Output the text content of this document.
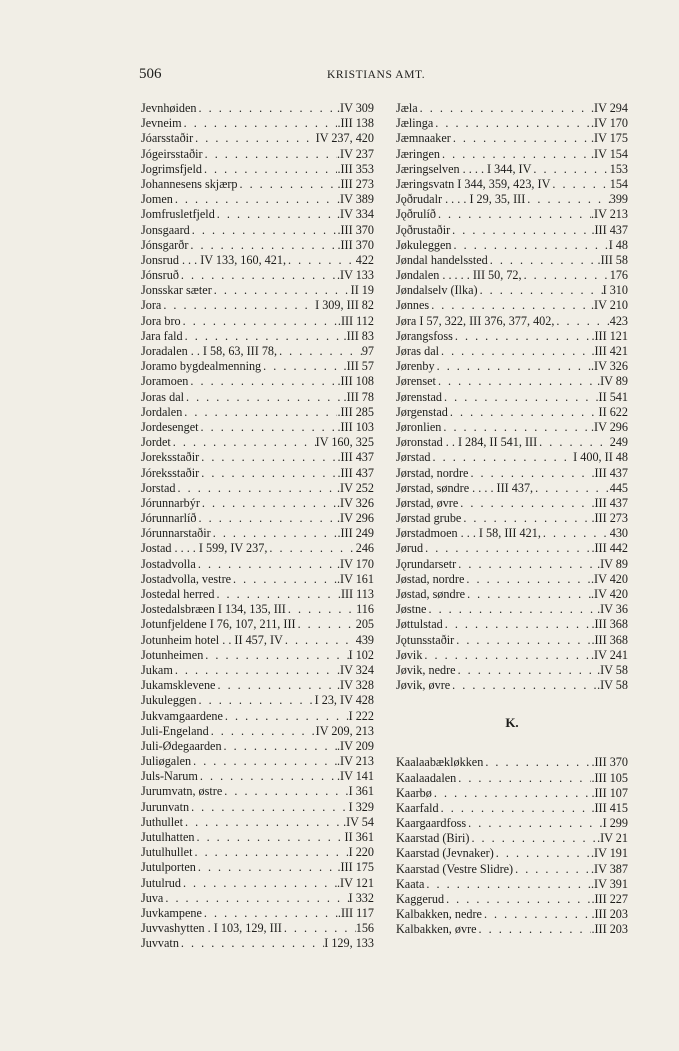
506	KRISTIANS AMT.
Jevnhøiden . . .	.IV 309
Jevneim . . .	.III 138
Jóarsstaðir . . .	IV 237, 420
Jógeirsstaðir . . .	.IV 237
Jogrimsfjeld . . .	.III 353
Johannesens skjærp . . .	.III 273
Jomen . . .	.IV 389
Jomfrusletfjeld . . .	.IV 334
Jonsgaard . . .	.III 370
Jónsgarðr . . .	.III 370
Jonsrud . . . IV 133, 160, 421, . . .	422
Jónsruð . . .	.IV 133
Jonsskar sæter . . .	II 19
Jora . . .	I 309, III 82
Jora bro . . .	.III 112
Jara fald . . .	.III 83
Joradalen . . I 58, 63, III 78, . . .	97
Joramo bygdealmenning . . .	.III 57
Joramoen . . .	.III 108
Joras dal . . .	.III 78
Jordalen . . .	.III 285
Jordesenget . . .	.III 103
Jordet . . .	IV 160, 325
Joreksstaðir . . .	.III 437
Jóreksstaðir . . .	.III 437
Jorstad . . .	.IV 252
Jórunnarbýr . . .	.IV 326
Jórunnarlíð . . .	.IV 296
Jórunnarstaðir . . .	.III 249
Jostad . . . . I 599, IV 237, . . .	246
Jostadvolla . . .	.IV 170
Jostadvolla, vestre . . .	.IV 161
Jostedal herred . . .	.III 113
Jostedalsbræen I 134, 135, III . . .	116
Jotunfjeldene I 76, 107, 211, III . . .	205
Jotunheim hotel . . II 457, IV . . .	439
Jotunheimen . . .	I 102
Jukam . . .	.IV 324
Jukamsklevene . . .	.IV 328
Jukuleggen . . .	I 23, IV 428
Jukvamgaardene . . .	I 222
Juli-Engeland . . .	IV 209, 213
Juli-Ødegaarden . . .	.IV 209
Juliøgalen . . .	.IV 213
Juls-Narum . . .	.IV 141
Jurumvatn, østre . . .	I 361
Jurunvatn . . .	I 329
Juthullet . . .	.IV 54
Jutulhatten . . .	II 361
Jutulhullet . . .	I 220
Jutulporten . . .	.III 175
Jutulrud . . .	.IV 121
Juva . . .	I 332
Juvkampene . . .	.III 117
Juvvashytten . I 103, 129, III . . .	156
Juvvatn . . .	I 129, 133
Jæla . . .	.IV 294
Jælinga . . .	.IV 170
Jæmnaaker . . .	.IV 175
Jæringen . . .	.IV 154
Jæringselven . . . . I 344, IV . . .	153
Jæringsvatn I 344, 359, 423, IV . . .	154
Jǫðrudalr . . . . I 29, 35, III . . .	399
Jǫðrulíð . . .	.IV 213
Jǫðrustaðir . . .	.III 437
Jøkuleggen . . .	I 48
Jøndal handelssted . . .	.III 58
Jøndalen . . . . . III 50, 72, . . .	176
Jøndalselv (Ilka) . . .	I 310
Jønnes . . .	.IV 210
Jøra I 57, 322, III 376, 377, 402, . . .	423
Jørangsfoss . . .	.III 121
Jøras dal . . .	.III 421
Jørenby . . .	.IV 326
Jørenset . . .	.IV 89
Jørenstad . . .	II 541
Jørgenstad . . .	II 622
Jøronlien . . .	.IV 296
Jøronstad . . I 284, II 541, III . . .	249
Jørstad . . .	I 400, II 48
Jørstad, nordre . . .	.III 437
Jørstad, søndre . . . . III 437, . . .	445
Jørstad, øvre . . .	.III 437
Jørstad grube . . .	.III 273
Jørstadmoen . . . I 58, III 421, . . .	430
Jørud . . .	.III 442
Jǫrundarsetr . . .	.IV 89
Jøstad, nordre . . .	.IV 420
Jøstad, søndre . . .	.IV 420
Jøstne . . .	.IV 36
Jøttulstad . . .	.III 368
Jǫtunsstaðir . . .	.III 368
Jøvik . . .	.IV 241
Jøvik, nedre . . .	.IV 58
Jøvik, øvre . . .	.IV 58
K.
Kaalaabækløkken . . .	.III 370
Kaalaadalen . . .	.III 105
Kaarbø . . .	.III 107
Kaarfald . . .	.III 415
Kaargaardfoss . . .	I 299
Kaarstad (Biri) . . .	.IV 21
Kaarstad (Jevnaker) . . .	.IV 191
Kaarstad (Vestre Slidre) . . .	.IV 387
Kaata . . .	.IV 391
Kaggerud . . .	.III 227
Kalbakken, nedre . . .	.III 203
Kalbakken, øvre . . .	.III 203
